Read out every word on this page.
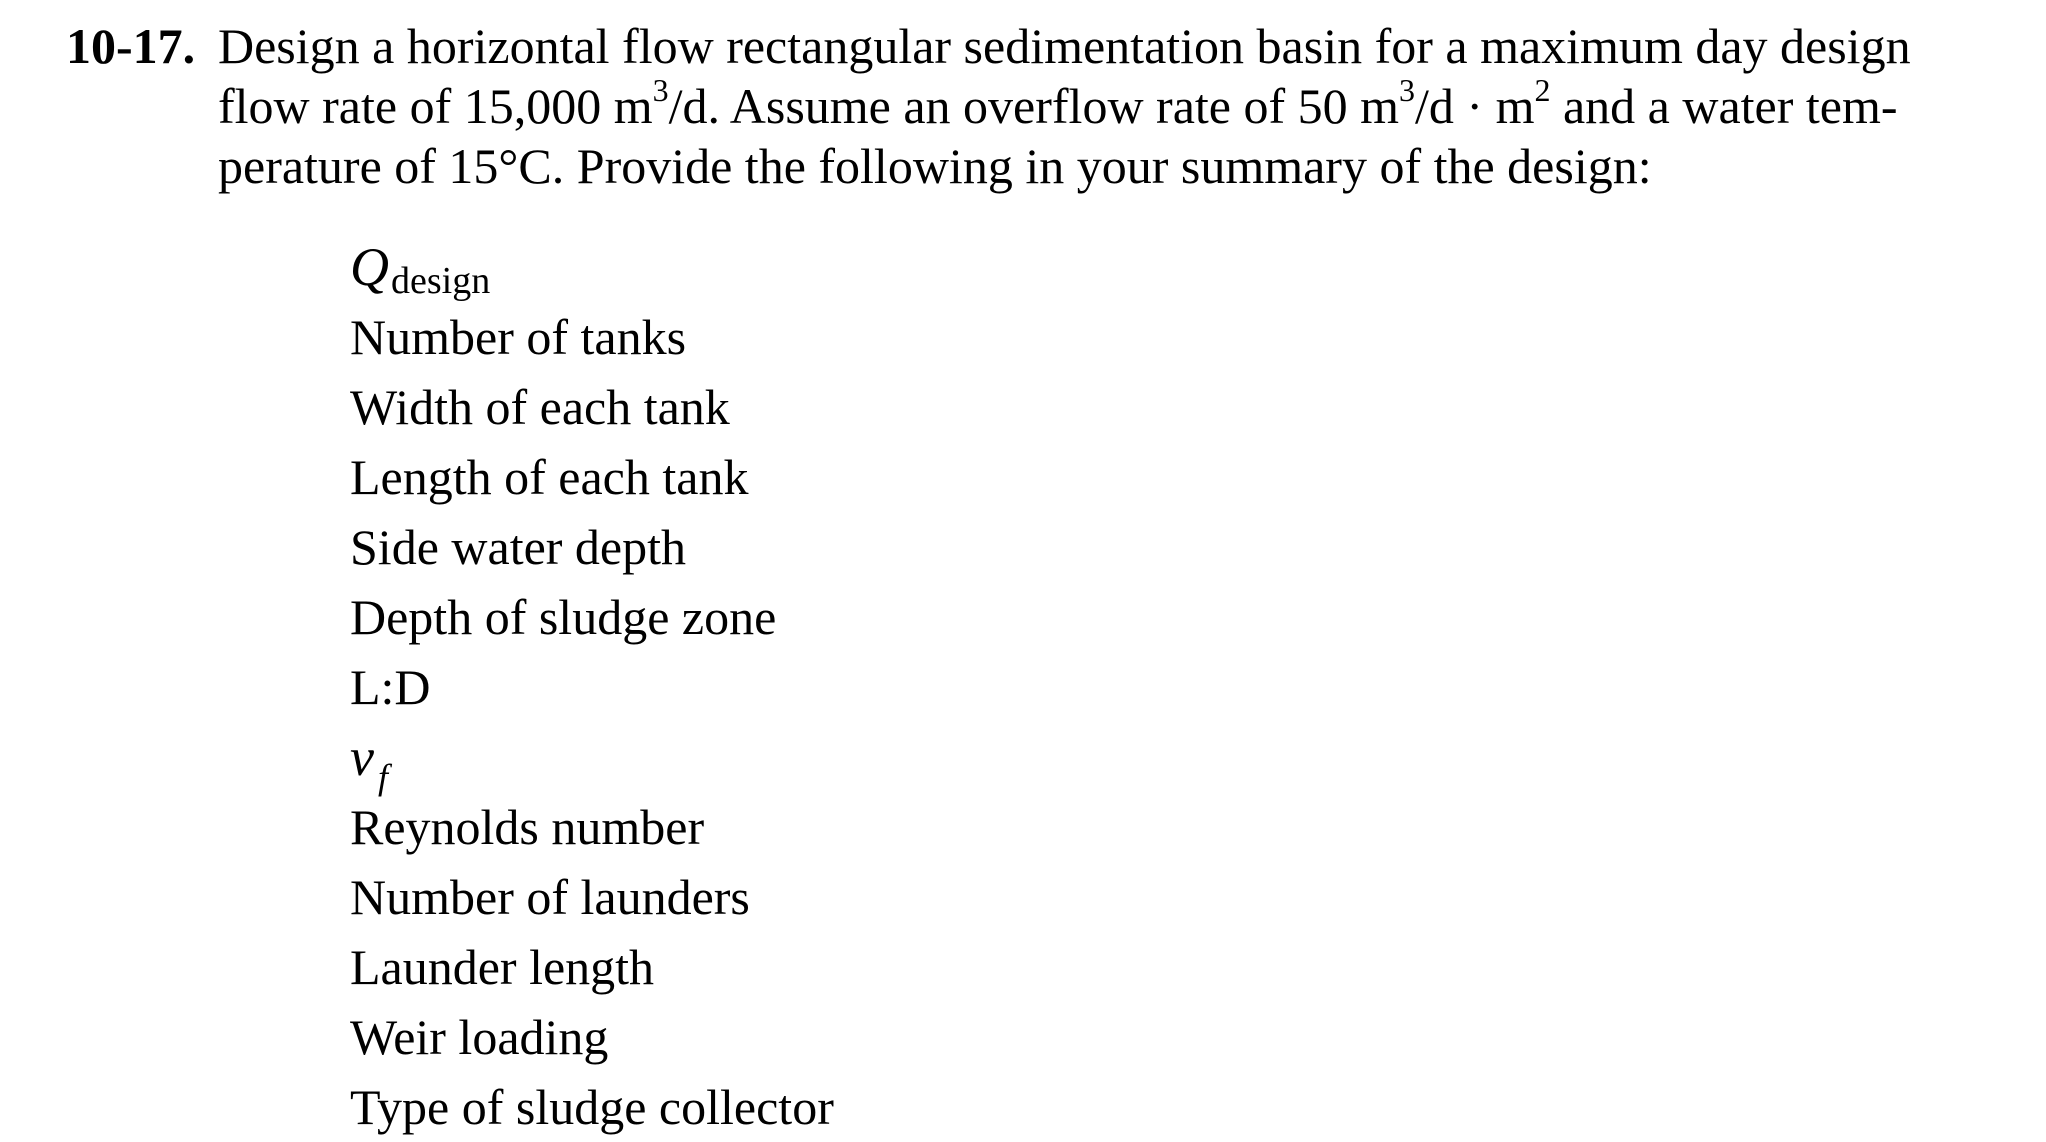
10-17. Design a horizontal flow rectangular sedimentation basin for a maximum day design
flow rate of 15,000 $m^3/d$. Assume an overflow rate of 50 $m^3/d \cdot m^2$ and a water tem-
perature of 15°C. Provide the following in your summary of the design:
Qdesign
Number of tanks
Width of each tank
Length of each tank
Side water depth
Depth of sludge zone
L:D
v $_f$
Reynolds number
Number of launders
Launder length
Weir loading
Type of sludge collector
